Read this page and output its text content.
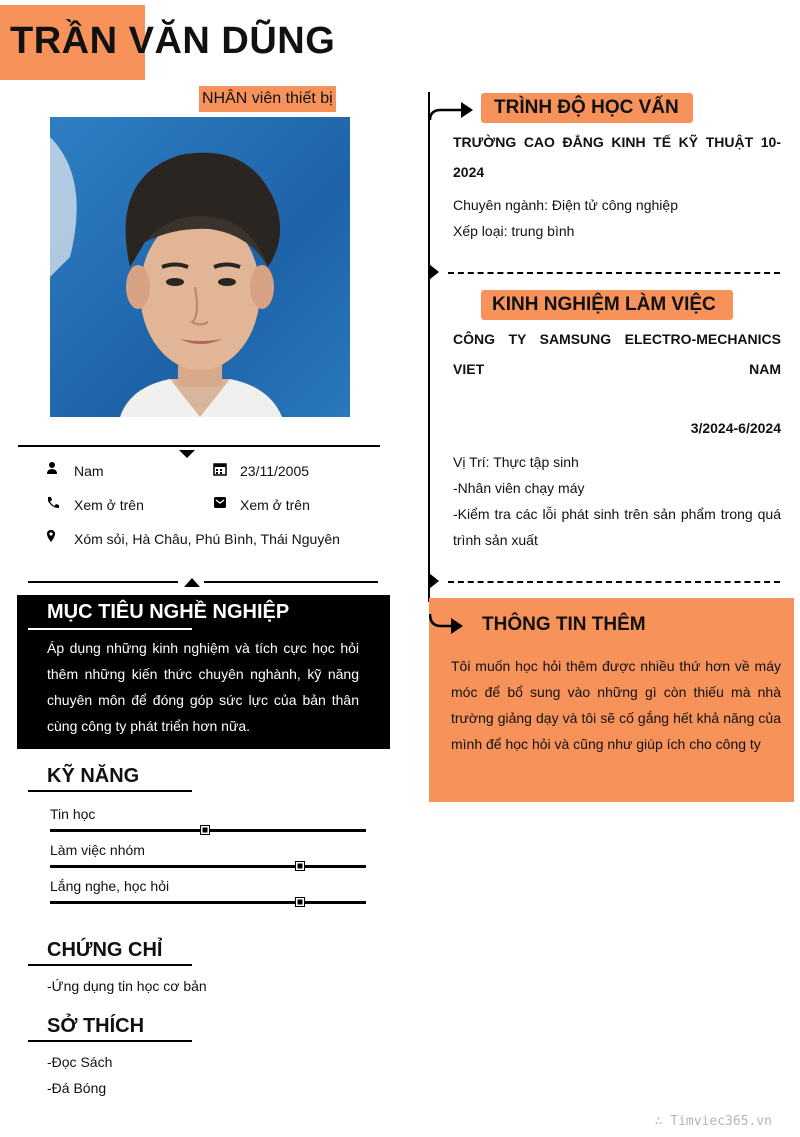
TRẦN VĂN DŨNG
NHÂN viên thiết bị
Nam	23/11/2005
Xem ở trên	Xem ở trên
Xóm sỏi, Hà Châu, Phú Bình, Thái Nguyên
MỤC TIÊU NGHỀ NGHIỆP
Áp dụng những kinh nghiệm và tích cực học hỏi thêm những kiến thức chuyên nghành, kỹ năng chuyên môn để đóng góp sức lực của bản thân cùng công ty phát triển hơn nữa.
KỸ NĂNG
Tin học
Làm việc nhóm
Lắng nghe, học hỏi
CHỨNG CHỈ
-Ứng dụng tin học cơ bản
SỞ THÍCH
-Đọc Sách
-Đá Bóng
TRÌNH ĐỘ HỌC VẤN
TRƯỜNG CAO ĐẲNG KINH TẾ KỸ THUẬT 10-2024
Chuyên ngành: Điện tử công nghiệp
Xếp loại: trung bình
KINH NGHIỆM LÀM VIỆC
CÔNG TY SAMSUNG ELECTRO-MECHANICS VIET NAM
3/2024-6/2024
Vị Trí: Thực tập sinh
-Nhân viên chạy máy
-Kiểm tra các lỗi phát sinh trên sản phẩm trong quá trình sản xuất
THÔNG TIN THÊM
Tôi muốn học hỏi thêm được nhiều thứ hơn về máy móc để bổ sung vào những gì còn thiếu mà nhà trường giảng dạy và tôi sẽ cố gắng hết khả năng của mình để học hỏi và cũng như giúp ích cho công ty
∴ Timviec365.vn
